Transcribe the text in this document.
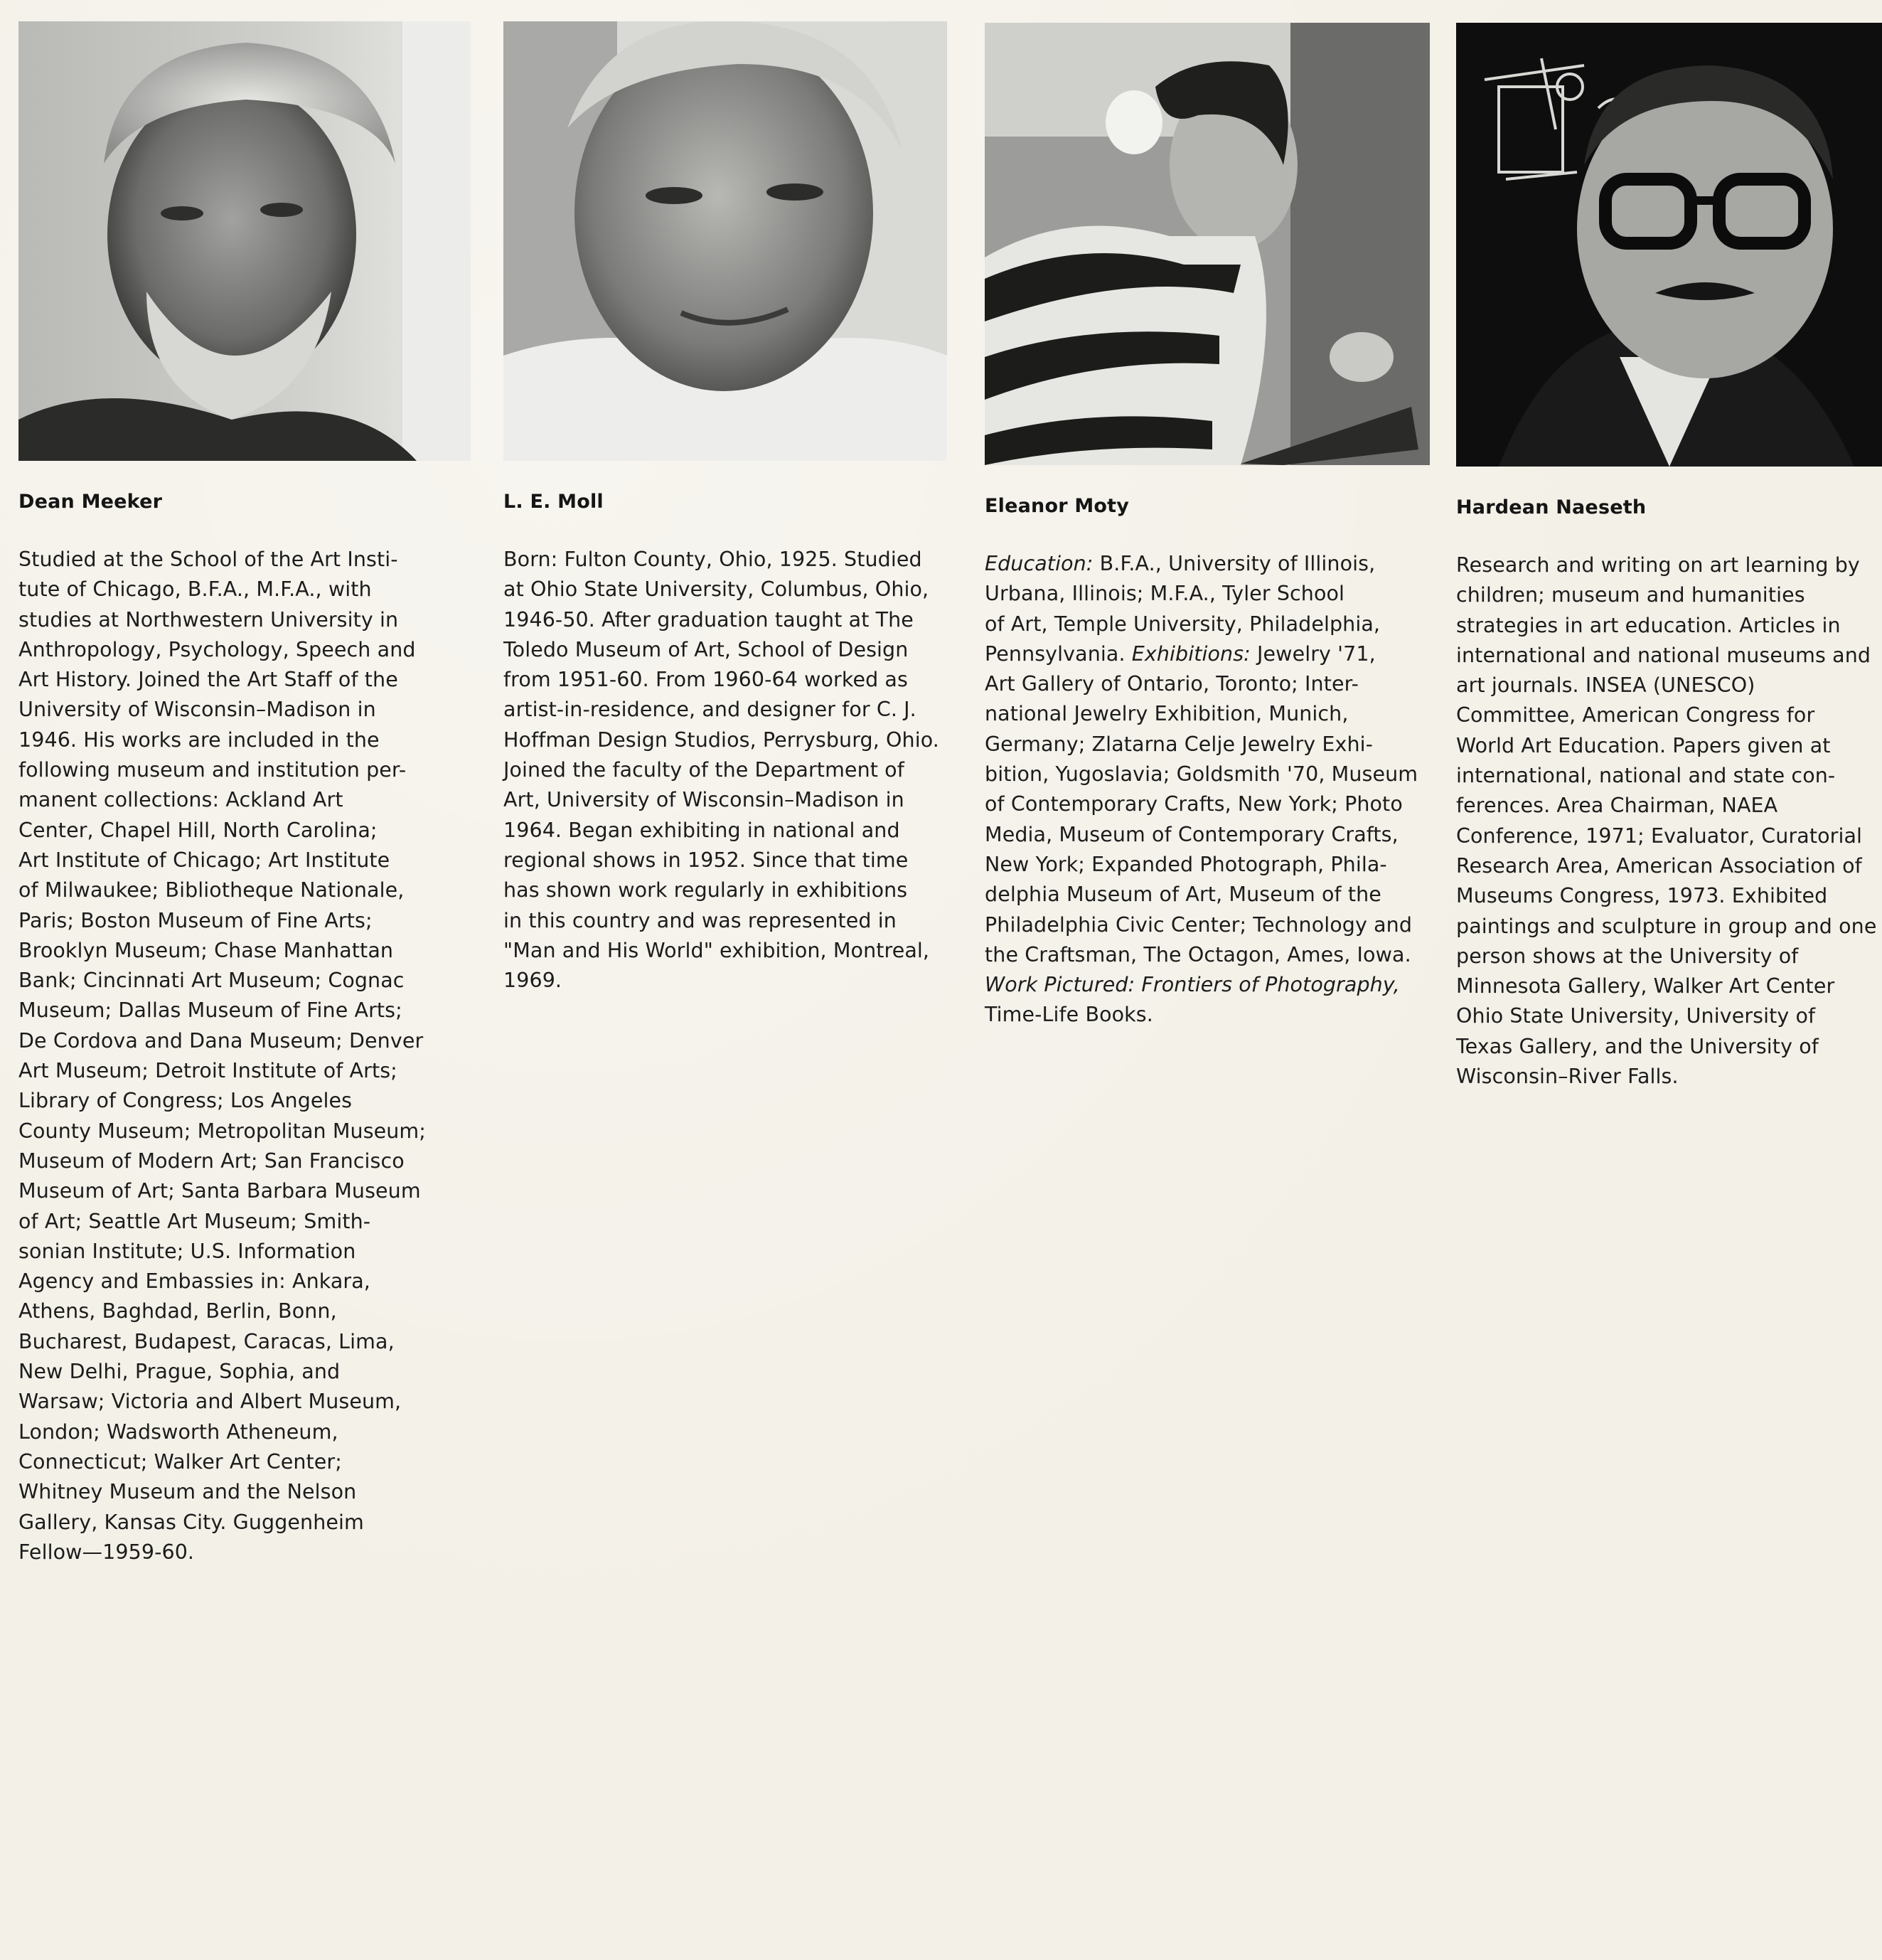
Dean Meeker
Studied at the School of the Art Insti-
tute of Chicago, B.F.A., M.F.A., with
studies at Northwestern University in
Anthropology, Psychology, Speech and
Art History. Joined the Art Staff of the
University of Wisconsin–Madison in
1946. His works are included in the
following museum and institution per-
manent collections: Ackland Art
Center, Chapel Hill, North Carolina;
Art Institute of Chicago; Art Institute
of Milwaukee; Bibliotheque Nationale,
Paris; Boston Museum of Fine Arts;
Brooklyn Museum; Chase Manhattan
Bank; Cincinnati Art Museum; Cognac
Museum; Dallas Museum of Fine Arts;
De Cordova and Dana Museum; Denver
Art Museum; Detroit Institute of Arts;
Library of Congress; Los Angeles
County Museum; Metropolitan Museum;
Museum of Modern Art; San Francisco
Museum of Art; Santa Barbara Museum
of Art; Seattle Art Museum; Smith-
sonian Institute; U.S. Information
Agency and Embassies in: Ankara,
Athens, Baghdad, Berlin, Bonn,
Bucharest, Budapest, Caracas, Lima,
New Delhi, Prague, Sophia, and
Warsaw; Victoria and Albert Museum,
London; Wadsworth Atheneum,
Connecticut; Walker Art Center;
Whitney Museum and the Nelson
Gallery, Kansas City. Guggenheim
Fellow—1959-60.
L. E. Moll
Born: Fulton County, Ohio, 1925. Studied
at Ohio State University, Columbus, Ohio,
1946-50. After graduation taught at The
Toledo Museum of Art, School of Design
from 1951-60. From 1960-64 worked as
artist-in-residence, and designer for C. J.
Hoffman Design Studios, Perrysburg, Ohio.
Joined the faculty of the Department of
Art, University of Wisconsin–Madison in
1964. Began exhibiting in national and
regional shows in 1952. Since that time
has shown work regularly in exhibitions
in this country and was represented in
"Man and His World" exhibition, Montreal,
1969.
Eleanor Moty
Education: B.F.A., University of Illinois,
Urbana, Illinois; M.F.A., Tyler School
of Art, Temple University, Philadelphia,
Pennsylvania. Exhibitions: Jewelry '71,
Art Gallery of Ontario, Toronto; Inter-
national Jewelry Exhibition, Munich,
Germany; Zlatarna Celje Jewelry Exhi-
bition, Yugoslavia; Goldsmith '70, Museum
of Contemporary Crafts, New York; Photo
Media, Museum of Contemporary Crafts,
New York; Expanded Photograph, Phila-
delphia Museum of Art, Museum of the
Philadelphia Civic Center; Technology and
the Craftsman, The Octagon, Ames, Iowa.
Work Pictured: Frontiers of Photography,
Time-Life Books.
Hardean Naeseth
Research and writing on art learning by
children; museum and humanities
strategies in art education. Articles in
international and national museums and
art journals. INSEA (UNESCO)
Committee, American Congress for
World Art Education. Papers given at
international, national and state con-
ferences. Area Chairman, NAEA
Conference, 1971; Evaluator, Curatorial
Research Area, American Association of
Museums Congress, 1973. Exhibited
paintings and sculpture in group and one
person shows at the University of
Minnesota Gallery, Walker Art Center
Ohio State University, University of
Texas Gallery, and the University of
Wisconsin–River Falls.
